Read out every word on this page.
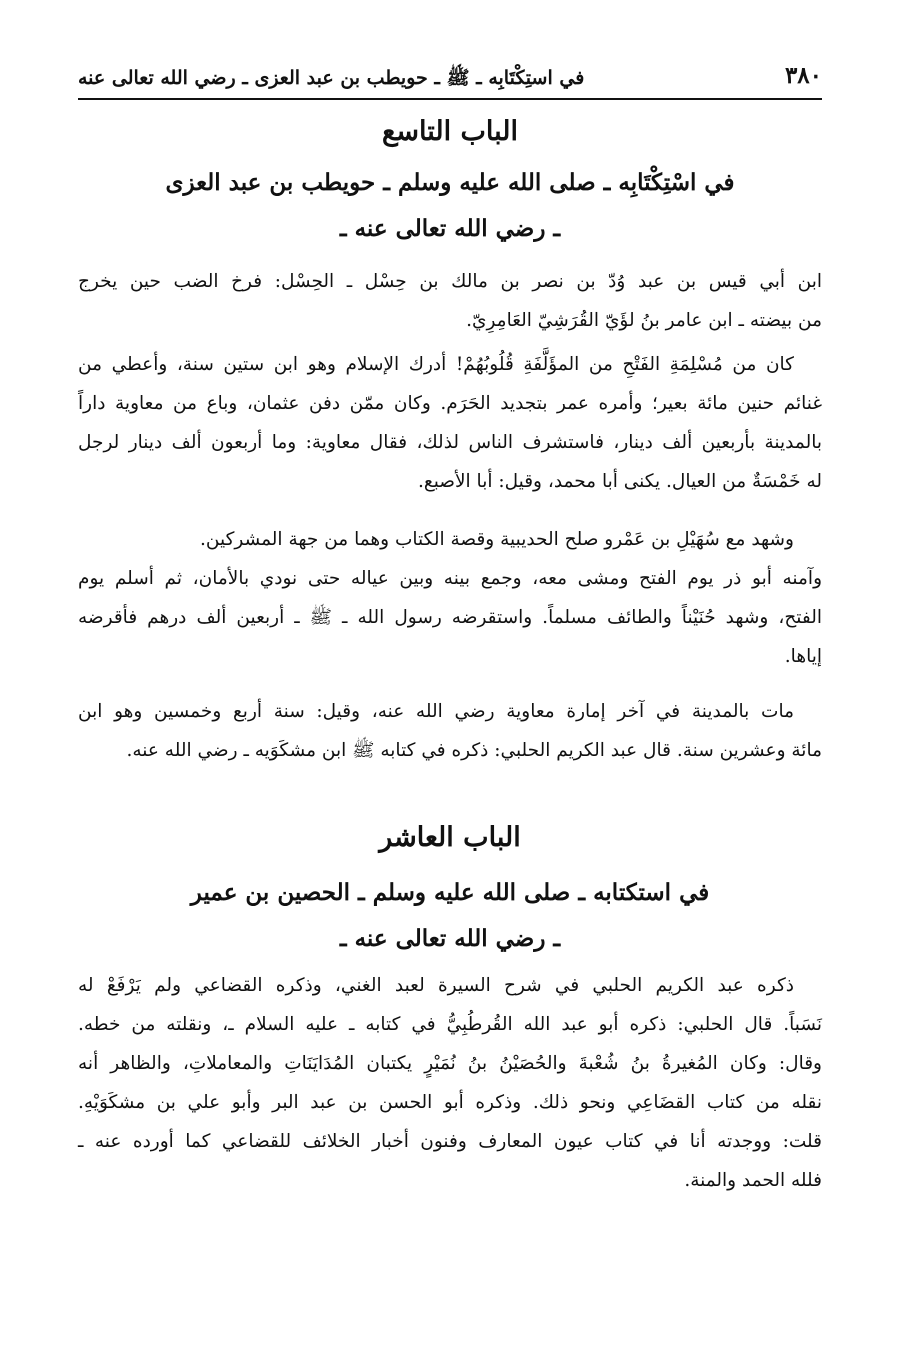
٣٨٠
في استِكْتَابِه ـ ﷺ ـ حويطب بن عبد العزى ـ رضي الله تعالى عنه
الباب التاسع
في اسْتِكْتَابِه ـ صلى الله عليه وسلم ـ حويطب بن عبد العزى
ـ رضي الله تعالى عنه ـ
ابن أبي قيس بن عبد وُدّ بن نصر بن مالك بن حِسْل ـ الحِسْل: فرخ الضب حين يخرج
من بيضته ـ ابن عامر بنُ لؤَيّ القُرَشِيّ العَامِرِيّ.
كان من مُسْلِمَةِ الفَتْحِ من المؤَلَّفَةِ قُلُوبُهُمْ! أدرك الإسلام وهو ابن ستين سنة، وأعطي من
غنائم حنين مائة بعير؛ وأمره عمر بتجديد الحَرَم. وكان ممّن دفن عثمان، وباع من معاوية داراً
بالمدينة بأربعين ألف دينار، فاستشرف الناس لذلك، فقال معاوية: وما أربعون ألف دينار لرجل
له خَمْسَةٌ من العيال. يكنى أبا محمد، وقيل: أبا الأصبع.
وشهد مع سُهَيْلِ بن عَمْرو صلح الحديبية وقصة الكتاب وهما من جهة المشركين.
وآمنه أبو ذر يوم الفتح ومشى معه، وجمع بينه وبين عياله حتى نودي بالأمان، ثم أسلم يوم
الفتح، وشهد حُنَيْناً والطائف مسلماً. واستقرضه رسول الله ـ ﷺ ـ أربعين ألف درهم فأقرضه
إياها.
مات بالمدينة في آخر إمارة معاوية رضي الله عنه، وقيل: سنة أربع وخمسين وهو ابن
مائة وعشرين سنة. قال عبد الكريم الحلبي: ذكره في كتابه ﷺ ابن مشكَوَيه ـ رضي الله عنه.
الباب العاشر
في استكتابه ـ صلى الله عليه وسلم ـ الحصين بن عمير
ـ رضي الله تعالى عنه ـ
ذكره عبد الكريم الحلبي في شرح السيرة لعبد الغني، وذكره القضاعي ولم يَرْفَعْ له
نَسَباً. قال الحلبي: ذكره أبو عبد الله القُرطُبِيُّ في كتابه ـ عليه السلام ـ، ونقلته من خطه.
وقال: وكان المُغيرةُ بنُ شُعْبةَ والحُصَيْنُ بنُ نُمَيْرٍ يكتبان المُدَايَنَاتِ والمعاملاتِ، والظاهر أنه
نقله من كتاب القضَاعِي ونحو ذلك. وذكره أبو الحسن بن عبد البر وأبو علي بن مشكَوَيْهِ.
قلت: ووجدته أنا في كتاب عيون المعارف وفنون أخبار الخلائف للقضاعي كما أورده عنه ـ
فلله الحمد والمنة.
